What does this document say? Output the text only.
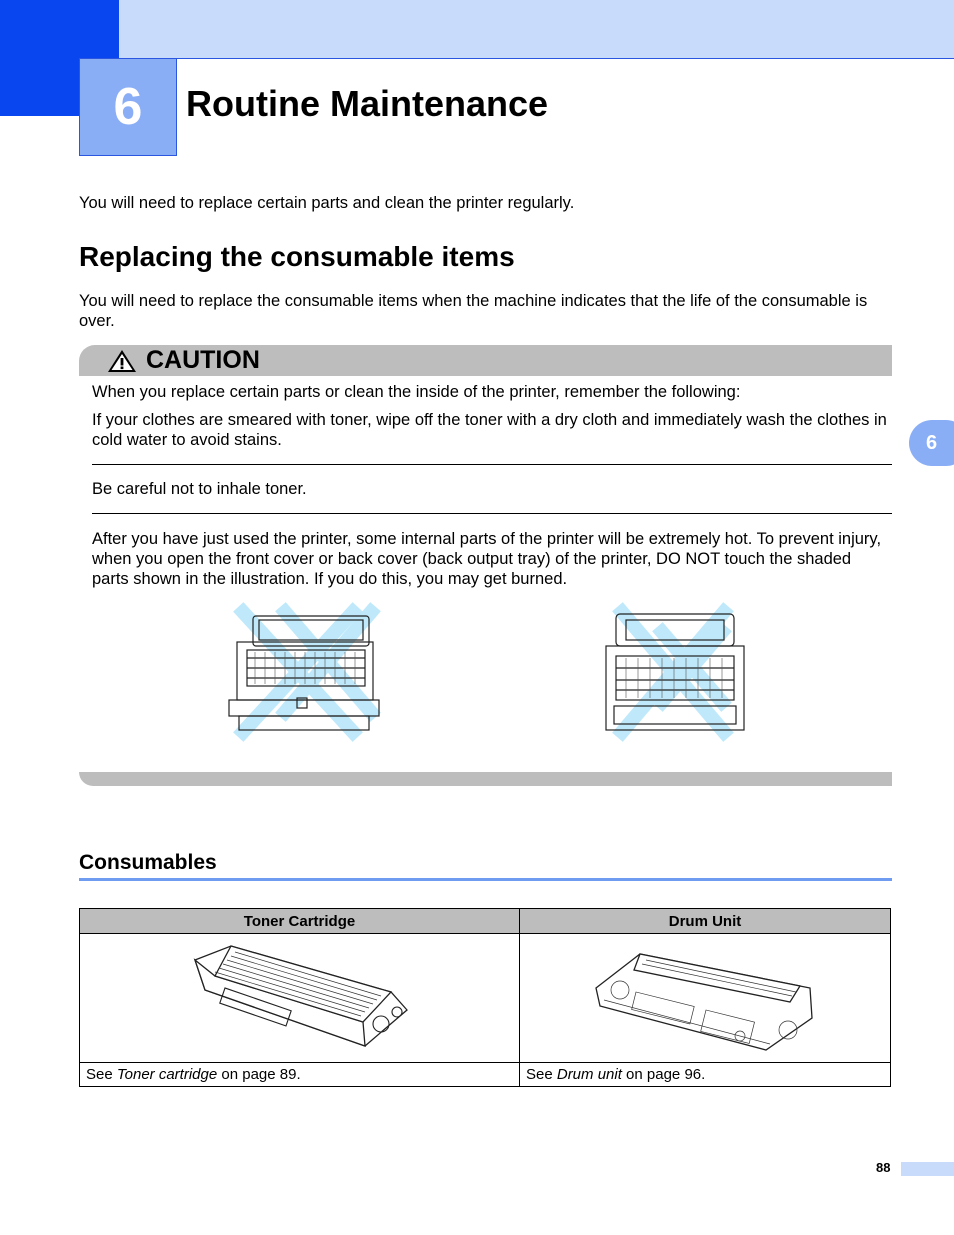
6	Routine Maintenance
You will need to replace certain parts and clean the printer regularly.
Replacing the consumable items
You will need to replace the consumable items when the machine indicates that the life of the consumable is over.
CAUTION
When you replace certain parts or clean the inside of the printer, remember the following:
If your clothes are smeared with toner, wipe off the toner with a dry cloth and immediately wash the clothes in cold water to avoid stains.
Be careful not to inhale toner.
After you have just used the printer, some internal parts of the printer will be extremely hot. To prevent injury, when you open the front cover or back cover (back output tray) of the printer, DO NOT touch the shaded parts shown in the illustration. If you do this, you may get burned.
6
Consumables
Toner Cartridge	Drum Unit

See Toner cartridge on page 89.	See Drum unit on page 96.
88
